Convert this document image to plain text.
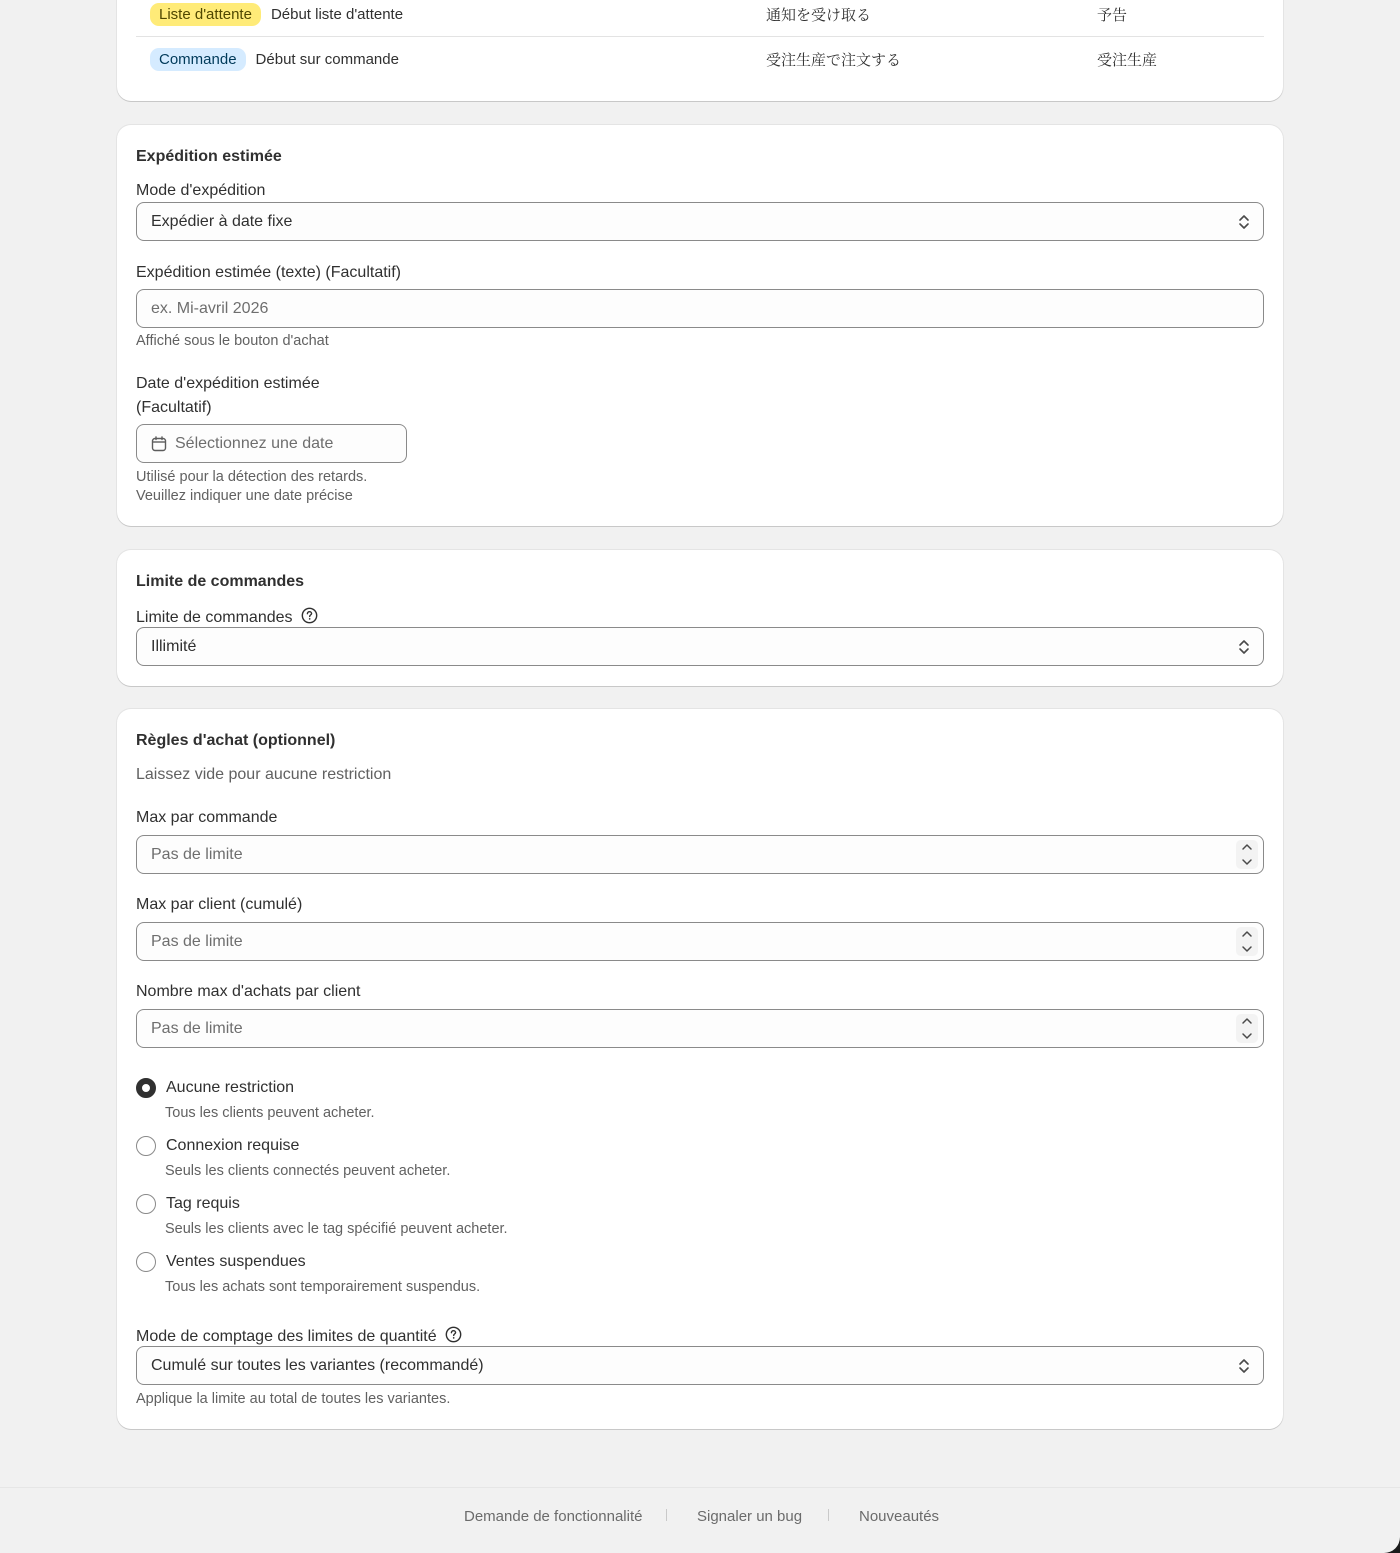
Liste d'attente	Début liste d'attente	通知を受け取る	予告
Commande	Début sur commande	受注生産で注文する	受注生産
Expédition estimée
Mode d'expédition
Expédier à date fixe
Expédition estimée (texte) (Facultatif)
ex. Mi-avril 2026
Affiché sous le bouton d'achat
Date d'expédition estimée
(Facultatif)
Sélectionnez une date
Utilisé pour la détection des retards.
Veuillez indiquer une date précise
Limite de commandes
Limite de commandes
Illimité
Règles d'achat (optionnel)
Laissez vide pour aucune restriction
Max par commande
Pas de limite
Max par client (cumulé)
Pas de limite
Nombre max d'achats par client
Pas de limite
Aucune restriction
Tous les clients peuvent acheter.
Connexion requise
Seuls les clients connectés peuvent acheter.
Tag requis
Seuls les clients avec le tag spécifié peuvent acheter.
Ventes suspendues
Tous les achats sont temporairement suspendus.
Mode de comptage des limites de quantité
Cumulé sur toutes les variantes (recommandé)
Applique la limite au total de toutes les variantes.
Demande de fonctionnalité	Signaler un bug	Nouveautés
